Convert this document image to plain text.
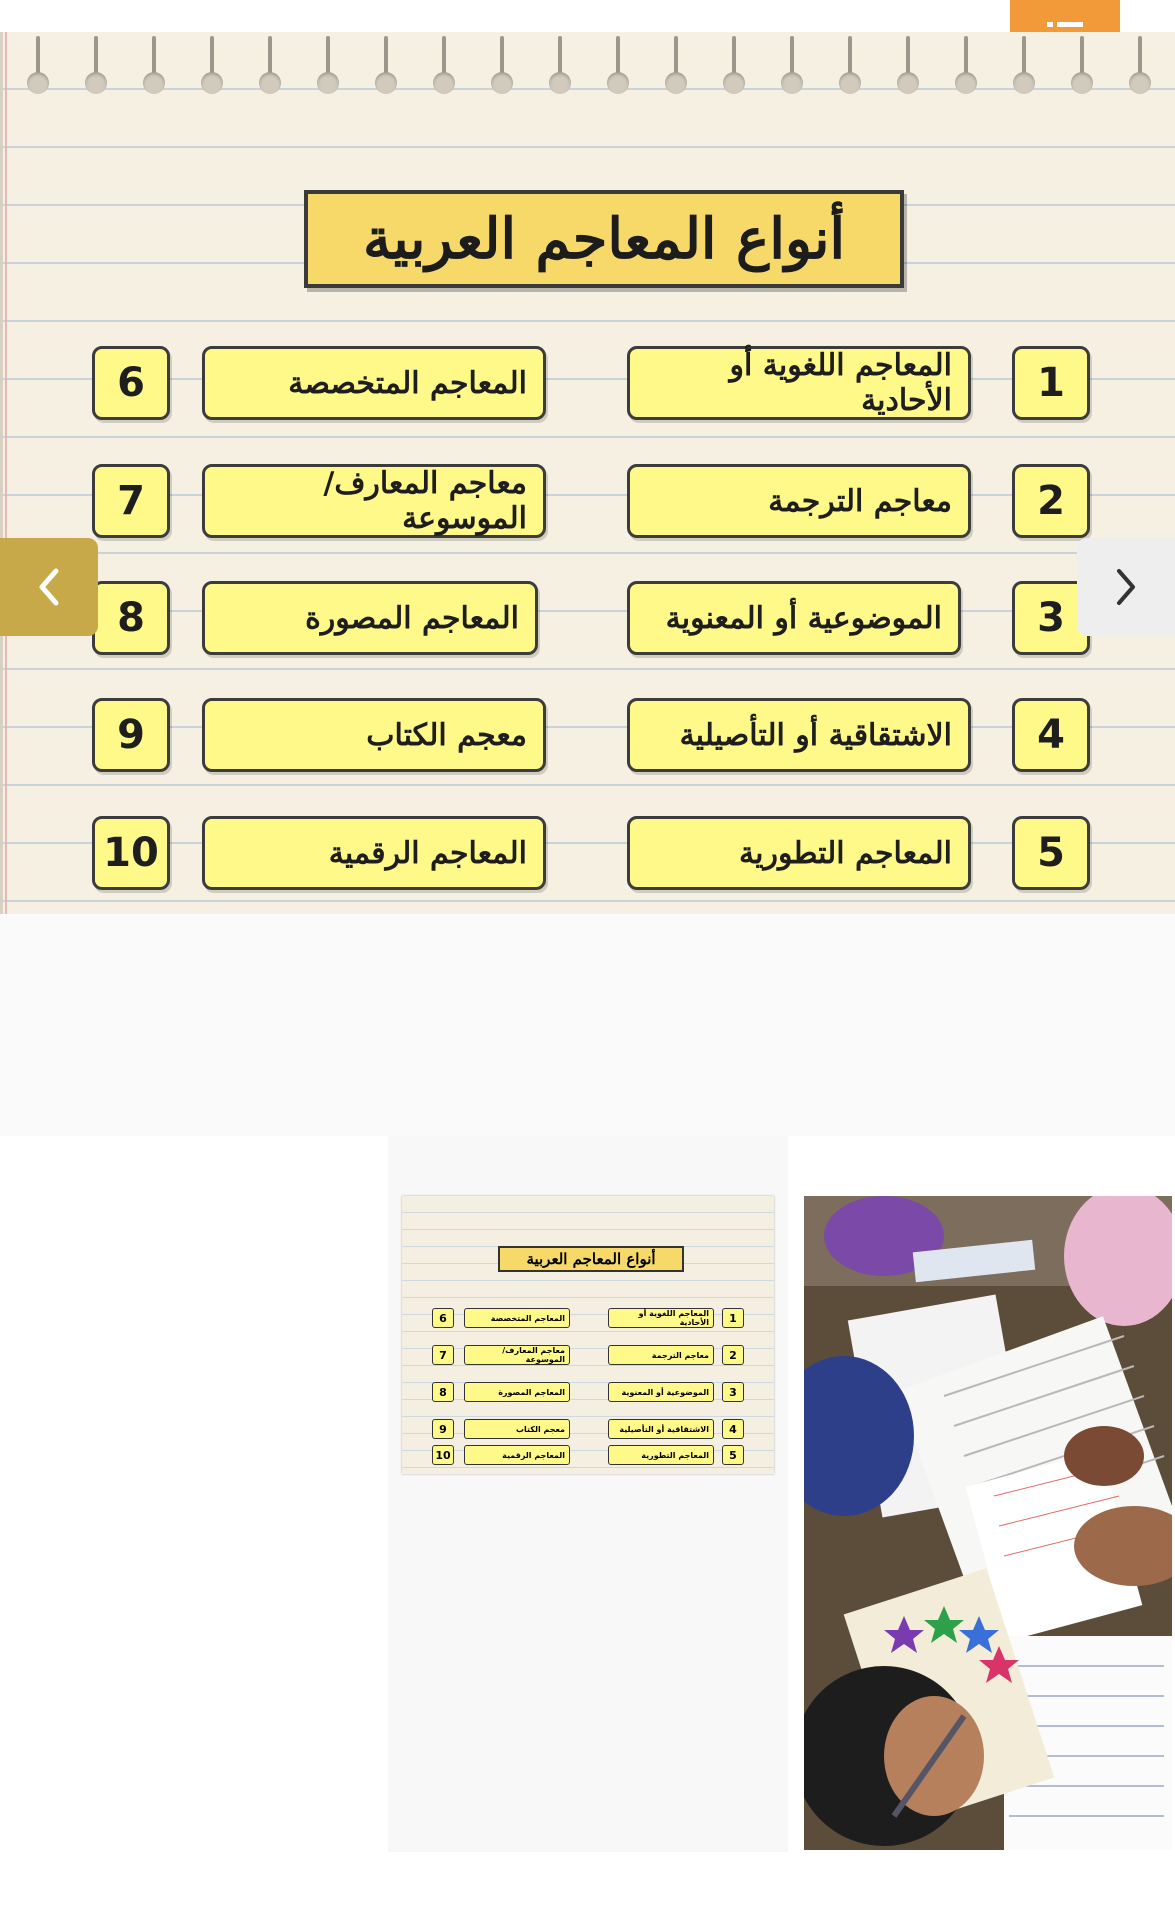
أنواع المعاجم العربية
1
المعاجم اللغوية أو الأحادية
2
معاجم الترجمة
3
الموضوعية أو المعنوية
4
الاشتقاقية أو التأصيلية
5
المعاجم التطورية
6	المعاجم المتخصصة
7	معاجم المعارف/الموسوعة
8	المعاجم المصورة
9	معجم الكتاب
10	المعاجم الرقمية
أنواع المعاجم العربية
1
المعاجم اللغوية أو الأحادية
2
معاجم الترجمة
3
الموضوعية أو المعنوية
4
الاشتقاقية أو التأصيلية
5
المعاجم التطورية
6	المعاجم المتخصصة
7	معاجم المعارف/الموسوعة
8	المعاجم المصورة
9	معجم الكتاب
10	المعاجم الرقمية
